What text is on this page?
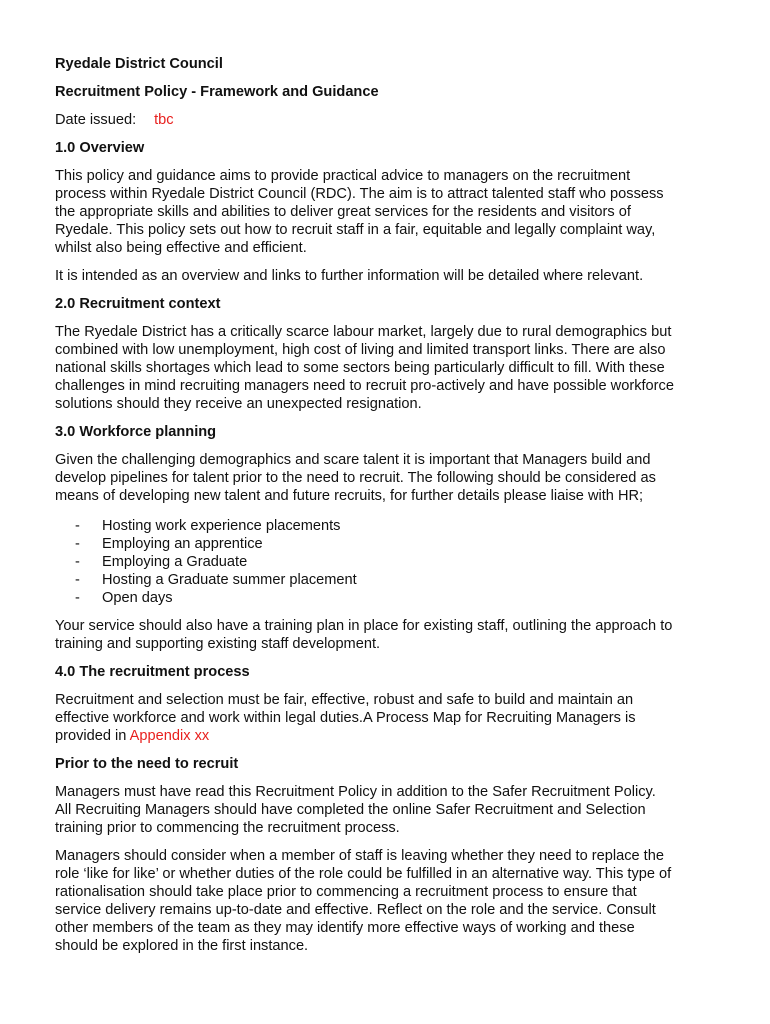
Ryedale District Council
Recruitment Policy - Framework and Guidance
Date issued: tbc
1.0 Overview
This policy and guidance aims to provide practical advice to managers on the recruitment
process within Ryedale District Council (RDC). The aim is to attract talented staff who possess
the appropriate skills and abilities to deliver great services for the residents and visitors of
Ryedale. This policy sets out how to recruit staff in a fair, equitable and legally complaint way,
whilst also being effective and efficient.
It is intended as an overview and links to further information will be detailed where relevant.
2.0 Recruitment context
The Ryedale District has a critically scarce labour market, largely due to rural demographics but
combined with low unemployment, high cost of living and limited transport links. There are also
national skills shortages which lead to some sectors being particularly difficult to fill. With these
challenges in mind recruiting managers need to recruit pro-actively and have possible workforce
solutions should they receive an unexpected resignation.
3.0 Workforce planning
Given the challenging demographics and scare talent it is important that Managers build and
develop pipelines for talent prior to the need to recruit. The following should be considered as
means of developing new talent and future recruits, for further details please liaise with HR;
- Hosting work experience placements
- Employing an apprentice
- Employing a Graduate
- Hosting a Graduate summer placement
- Open days
Your service should also have a training plan in place for existing staff, outlining the approach to
training and supporting existing staff development.
4.0 The recruitment process
Recruitment and selection must be fair, effective, robust and safe to build and maintain an
effective workforce and work within legal duties.A Process Map for Recruiting Managers is
provided in Appendix xx
Prior to the need to recruit
Managers must have read this Recruitment Policy in addition to the Safer Recruitment Policy.
All Recruiting Managers should have completed the online Safer Recruitment and Selection
training prior to commencing the recruitment process.
Managers should consider when a member of staff is leaving whether they need to replace the
role ‘like for like’ or whether duties of the role could be fulfilled in an alternative way. This type of
rationalisation should take place prior to commencing a recruitment process to ensure that
service delivery remains up-to-date and effective. Reflect on the role and the service. Consult
other members of the team as they may identify more effective ways of working and these
should be explored in the first instance.
